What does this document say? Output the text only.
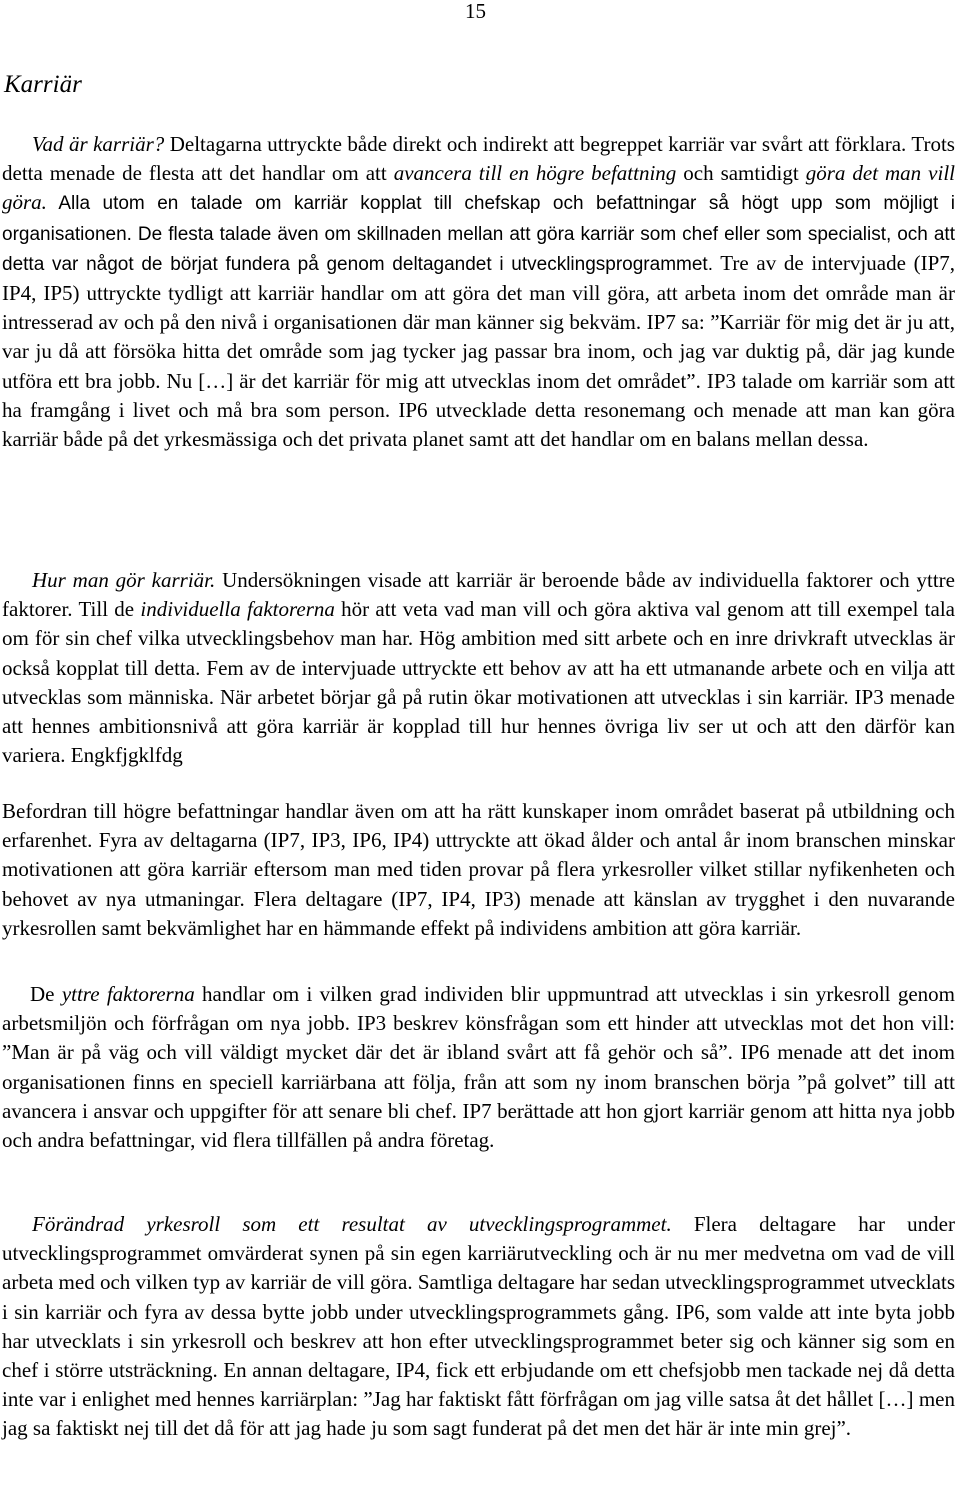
15
Karriär

Vad är karriär? Deltagarna uttryckte både direkt och indirekt att begreppet karriär var svårt att förklara. Trots detta menade de flesta att det handlar om att avancera till en högre befattning och samtidigt göra det man vill göra. Alla utom en talade om karriär kopplat till chefskap och befattningar så högt upp som möjligt i organisationen. De flesta talade även om skillnaden mellan att göra karriär som chef eller som specialist, och att detta var något de börjat fundera på genom deltagandet i utvecklingsprogrammet. Tre av de intervjuade (IP7, IP4, IP5) uttryckte tydligt att karriär handlar om att göra det man vill göra, att arbeta inom det område man är intresserad av och på den nivå i organisationen där man känner sig bekväm. IP7 sa: ”Karriär för mig det är ju att, var ju då att försöka hitta det område som jag tycker jag passar bra inom, och jag var duktig på, där jag kunde utföra ett bra jobb. Nu […] är det karriär för mig att utvecklas inom det området”. IP3 talade om karriär som att ha framgång i livet och må bra som person. IP6 utvecklade detta resonemang och menade att man kan göra karriär både på det yrkesmässiga och det privata planet samt att det handlar om en balans mellan dessa.

Hur man gör karriär. Undersökningen visade att karriär är beroende både av individuella faktorer och yttre faktorer. Till de individuella faktorerna hör att veta vad man vill och göra aktiva val genom att till exempel tala om för sin chef vilka utvecklingsbehov man har. Hög ambition med sitt arbete och en inre drivkraft utvecklas är också kopplat till detta. Fem av de intervjuade uttryckte ett behov av att ha ett utmanande arbete och en vilja att utvecklas som människa. När arbetet börjar gå på rutin ökar motivationen att utvecklas i sin karriär. IP3 menade att hennes ambitionsnivå att göra karriär är kopplad till hur hennes övriga liv ser ut och att den därför kan variera. Engkfjgklfdg

Befordran till högre befattningar handlar även om att ha rätt kunskaper inom området baserat på utbildning och erfarenhet. Fyra av deltagarna (IP7, IP3, IP6, IP4) uttryckte att ökad ålder och antal år inom branschen minskar motivationen att göra karriär eftersom man med tiden provar på flera yrkesroller vilket stillar nyfikenheten och behovet av nya utmaningar. Flera deltagare (IP7, IP4, IP3) menade att känslan av trygghet i den nuvarande yrkesrollen samt bekvämlighet har en hämmande effekt på individens ambition att göra karriär.

De yttre faktorerna handlar om i vilken grad individen blir uppmuntrad att utvecklas i sin yrkesroll genom arbetsmiljön och förfrågan om nya jobb. IP3 beskrev könsfrågan som ett hinder att utvecklas mot det hon vill: ”Man är på väg och vill väldigt mycket där det är ibland svårt att få gehör och så”. IP6 menade att det inom organisationen finns en speciell karriärbana att följa, från att som ny inom branschen börja ”på golvet” till att avancera i ansvar och uppgifter för att senare bli chef. IP7 berättade att hon gjort karriär genom att hitta nya jobb och andra befattningar, vid flera tillfällen på andra företag.

Förändrad yrkesroll som ett resultat av utvecklingsprogrammet. Flera deltagare har under utvecklingsprogrammet omvärderat synen på sin egen karriärutveckling och är nu mer medvetna om vad de vill arbeta med och vilken typ av karriär de vill göra. Samtliga deltagare har sedan utvecklingsprogrammet utvecklats i sin karriär och fyra av dessa bytte jobb under utvecklingsprogrammets gång. IP6, som valde att inte byta jobb har utvecklats i sin yrkesroll och beskrev att hon efter utvecklingsprogrammet beter sig och känner sig som en chef i större utsträckning. En annan deltagare, IP4, fick ett erbjudande om ett chefsjobb men tackade nej då detta inte var i enlighet med hennes karriärplan: ”Jag har faktiskt fått förfrågan om jag ville satsa åt det hållet […] men jag sa faktiskt nej till det då för att jag hade ju som sagt funderat på det men det här är inte min grej”.
